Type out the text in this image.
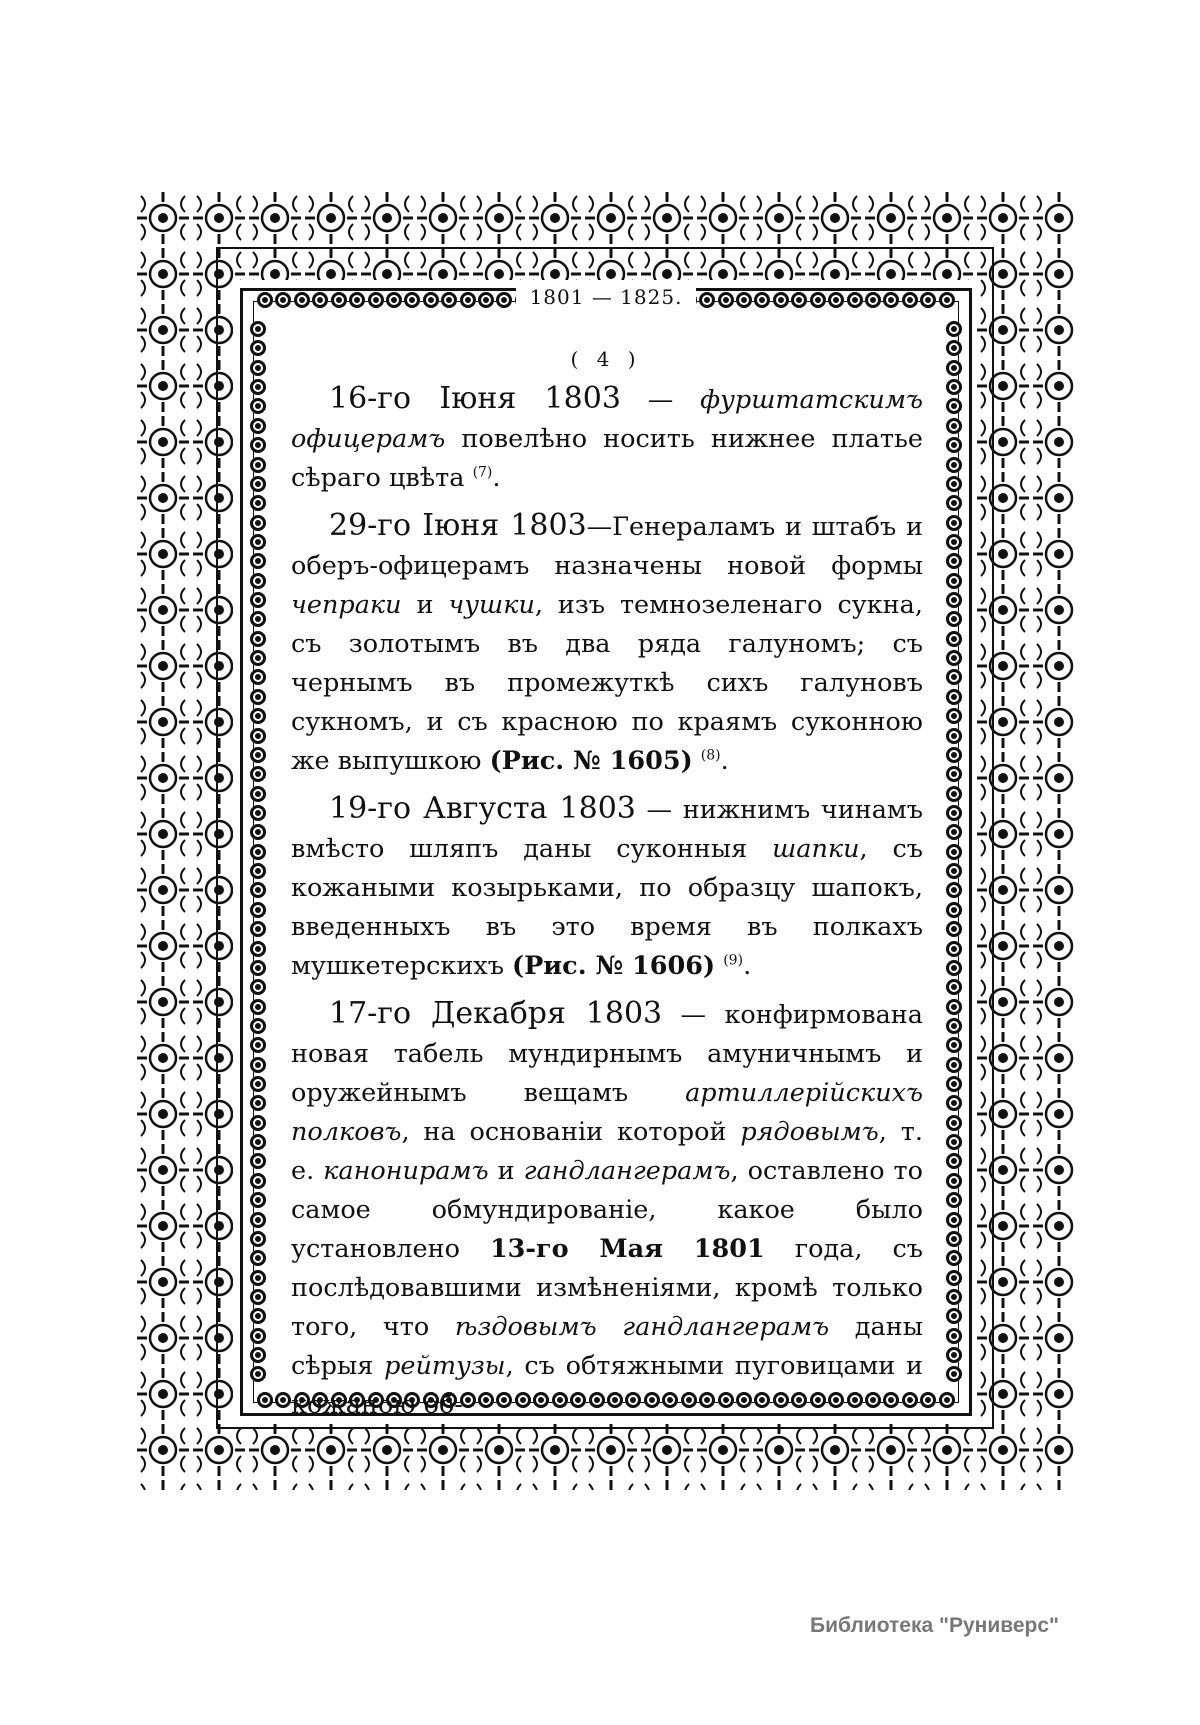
1801 — 1825.
( 4 )

16-го Іюня 1803 — фурштатскимъ офицерамъ повелѣно носить нижнее платье сѣраго цвѣта $^{(7)}$.

29-го Іюня 1803—Генераламъ и штабъ и оберъ-офицерамъ назначены новой формы чепраки и чушки, изъ темнозеленаго сукна, съ золотымъ въ два ряда галуномъ; съ чернымъ въ промежуткѣ сихъ галуновъ сукномъ, и съ красною по краямъ суконною же выпушкою (Рис. № 1605) $^{(8)}$.

19-го Августа 1803 — нижнимъ чинамъ вмѣсто шляпъ даны суконныя шапки, съ кожаными козырьками, по образцу шапокъ, введенныхъ въ это время въ полкахъ мушкетерскихъ (Рис. № 1606) $^{(9)}$.

17-го Декабря 1803 — конфирмована новая табель мундирнымъ амуничнымъ и оружейнымъ вещамъ артиллерійскихъ полковъ, на основаніи которой рядовымъ, т. е. канонирамъ и гандлангерамъ, оставлено то самое обмундированіе, какое было установлено 13-го Мая 1801 года, съ послѣдовавшими измѣненіями, кромѣ только того, что ѣздовымъ гандлангерамъ даны сѣрыя рейтузы, съ обтяжными пуговицами и кожаною об-

Библиотека "Руниверс"
